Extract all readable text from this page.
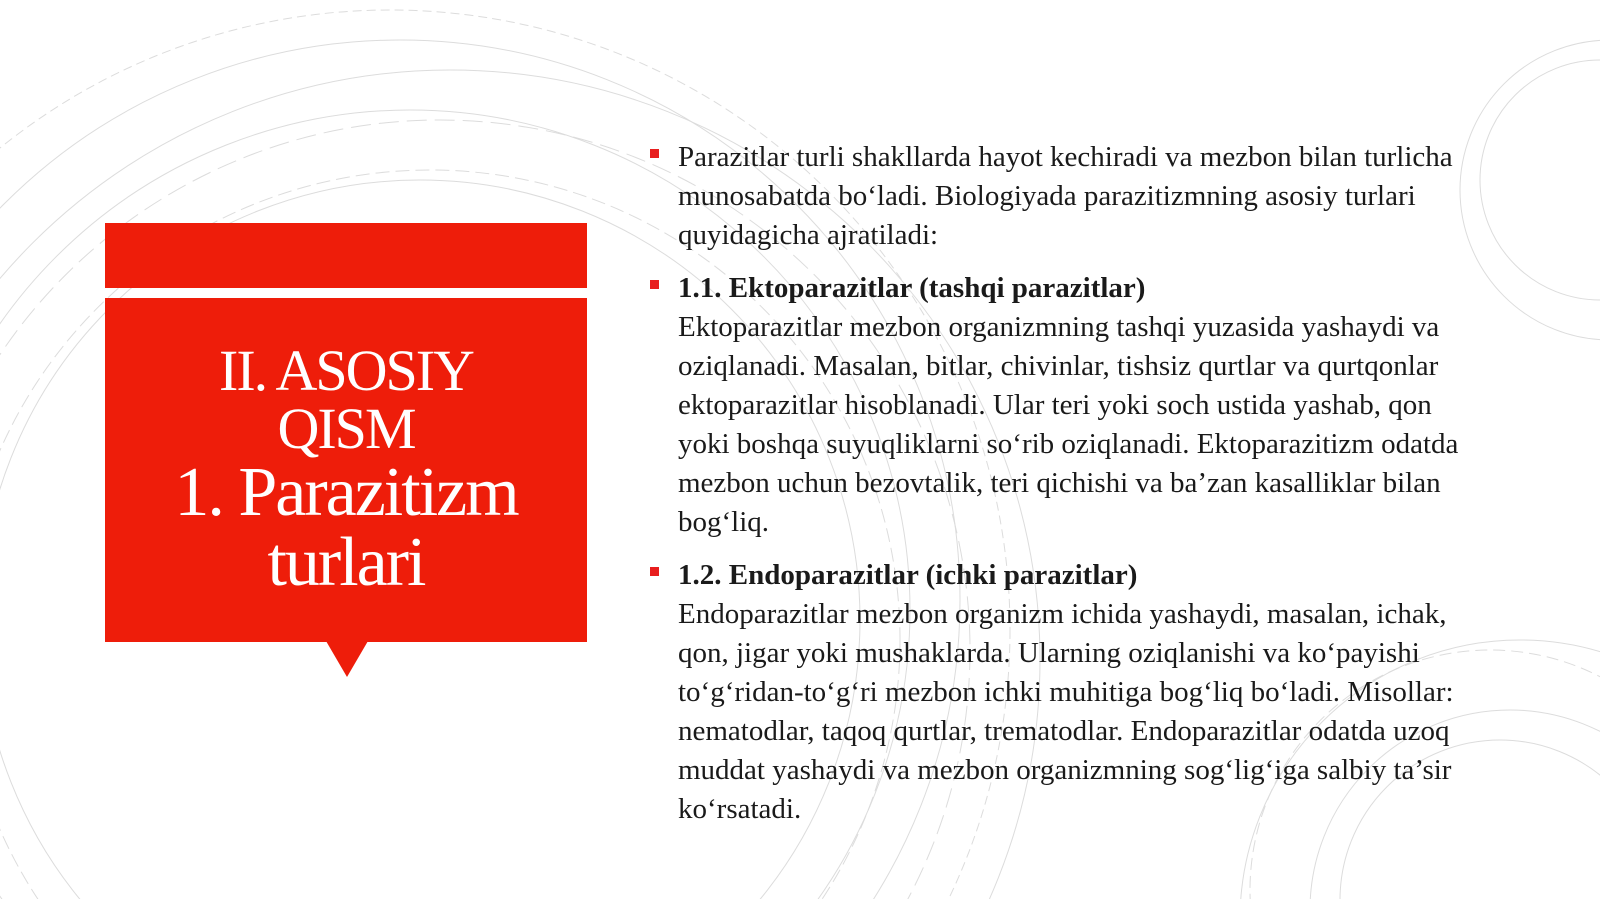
II. ASOSIY
QISM
1. Parazitizm
turlari
Parazitlar turli shakllarda hayot kechiradi va mezbon bilan turlicha munosabatda bo‘ladi. Biologiyada parazitizmning asosiy turlari quyidagicha ajratiladi:
1.1. Ektoparazitlar (tashqi parazitlar)
Ektoparazitlar mezbon organizmning tashqi yuzasida yashaydi va oziqlanadi. Masalan, bitlar, chivinlar, tishsiz qurtlar va qurtqonlar ektoparazitlar hisoblanadi. Ular teri yoki soch ustida yashab, qon yoki boshqa suyuqliklarni so‘rib oziqlanadi. Ektoparazitizm odatda mezbon uchun bezovtalik, teri qichishi va ba’zan kasalliklar bilan bog‘liq.
1.2. Endoparazitlar (ichki parazitlar)
Endoparazitlar mezbon organizm ichida yashaydi, masalan, ichak, qon, jigar yoki mushaklarda. Ularning oziqlanishi va ko‘payishi to‘g‘ridan-to‘g‘ri mezbon ichki muhitiga bog‘liq bo‘ladi. Misollar: nematodlar, taqoq qurtlar, trematodlar. Endoparazitlar odatda uzoq muddat yashaydi va mezbon organizmning sog‘lig‘iga salbiy ta’sir ko‘rsatadi.
